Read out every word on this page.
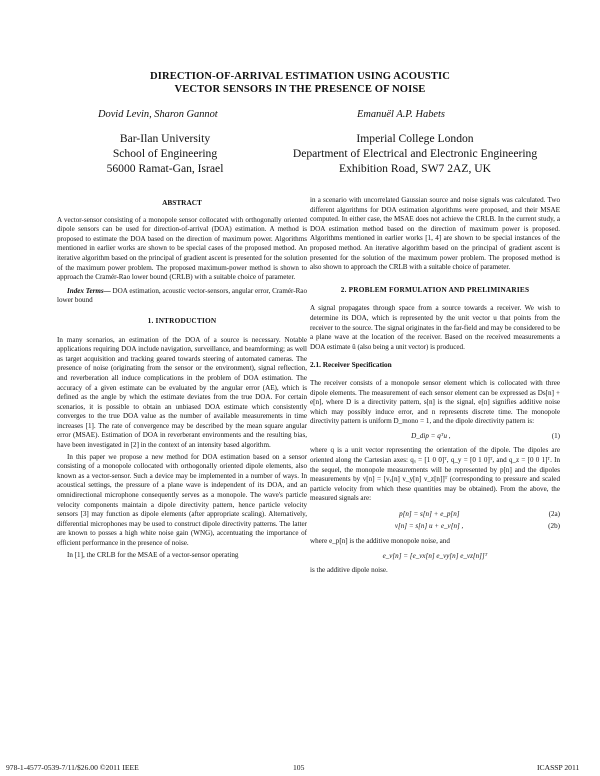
DIRECTION-OF-ARRIVAL ESTIMATION USING ACOUSTIC
VECTOR SENSORS IN THE PRESENCE OF NOISE
Dovid Levin, Sharon Gannot	Emanuël A.P. Habets
Bar-Ilan University
School of Engineering
56000 Ramat-Gan, Israel
Imperial College London
Department of Electrical and Electronic Engineering
Exhibition Road, SW7 2AZ, UK
ABSTRACT

A vector-sensor consisting of a monopole sensor collocated with orthogonally oriented dipole sensors can be used for direction-of-arrival (DOA) estimation. A method is proposed to estimate the DOA based on the direction of maximum power. Algorithms mentioned in earlier works are shown to be special cases of the proposed method. An iterative algorithm based on the principal of gradient ascent is presented for the solution of the maximum power problem. The proposed maximum-power method is shown to approach the Cramér-Rao lower bound (CRLB) with a suitable choice of parameter.

Index Terms— DOA estimation, acoustic vector-sensors, angular error, Cramér-Rao lower bound

1. INTRODUCTION

In many scenarios, an estimation of the DOA of a source is necessary. Notable applications requiring DOA include navigation, surveillance, and beamforming; as well as target acquisition and tracking geared towards steering of automated cameras. The presence of noise (originating from the sensor or the environment), signal reflection, and reverberation all induce complications in the problem of DOA estimation. The accuracy of a given estimate can be evaluated by the angular error (AE), which is defined as the angle by which the estimate deviates from the true DOA. For certain scenarios, it is possible to obtain an unbiased DOA estimate which consistently converges to the true DOA value as the number of available measurements in time increases [1]. The rate of convergence may be described by the mean square angular error (MSAE). Estimation of DOA in reverberant environments and the resulting bias, have been investigated in [2] in the context of an intensity based algorithm.

In this paper we propose a new method for DOA estimation based on a sensor consisting of a monopole collocated with orthogonally oriented dipole elements, also known as a vector-sensor. Such a device may be implemented in a number of ways. In acoustical settings, the pressure of a plane wave is independent of its DOA, and an omnidirectional microphone consequently serves as a monopole. The wave's particle velocity components maintain a dipole directivity pattern, hence particle velocity sensors [3] may function as dipole elements (after appropriate scaling). Alternatively, differential microphones may be used to construct dipole directivity patterns. The latter are known to posses a high white noise gain (WNG), accentuating the importance of efficient performance in the presence of noise.

In [1], the CRLB for the MSAE of a vector-sensor operating

in a scenario with uncorrelated Gaussian source and noise signals was calculated. Two different algorithms for DOA estimation algorithms were proposed, and their MSAE computed. In either case, the MSAE does not achieve the CRLB. In the current study, a DOA estimation method based on the direction of maximum power is proposed. Algorithms mentioned in earlier works [1, 4] are shown to be special instances of the proposed method. An iterative algorithm based on the principal of gradient ascent is presented for the solution of the maximum power problem. The proposed method is also shown to approach the CRLB with a suitable choice of parameter.

2. PROBLEM FORMULATION AND PRELIMINARIES

A signal propagates through space from a source towards a receiver. We wish to determine its DOA, which is represented by the unit vector u that points from the receiver to the source. The signal originates in the far-field and may be considered to be a plane wave at the location of the receiver. Based on the received measurements a DOA estimate û (also being a unit vector) is produced.

2.1. Receiver Specification

The receiver consists of a monopole sensor element which is collocated with three dipole elements. The measurement of each sensor element can be expressed as Ds[n] + e[n], where D is a directivity pattern, s[n] is the signal, e[n] signifies additive noise which may possibly induce error, and n represents discrete time. The monopole directivity pattern is uniform D_mono = 1, and the dipole directivity pattern is:

D_dip = qᵀu ,	(1)

where q is a unit vector representing the orientation of the dipole. The dipoles are oriented along the Cartesian axes: qₓ = [1 0 0]ᵀ, q_y = [0 1 0]ᵀ, and q_z = [0 0 1]ᵀ. In the sequel, the monopole measurements will be represented by p[n] and the dipoles measurements by v[n] = [vₓ[n] v_y[n] v_z[n]]ᵀ (corresponding to pressure and scaled particle velocity from which these quantities may be obtained). From the above, the measured signals are:

p[n] = s[n] + e_p[n]	(2a)
v[n] = s[n] u + e_v[n] ,	(2b)

where e_p[n] is the additive monopole noise, and

e_v[n] = [e_vx[n] e_vy[n] e_vz[n]]ᵀ

is the additive dipole noise.

978-1-4577-0539-7/11/$26.00 ©2011 IEEE	105	ICASSP 2011
